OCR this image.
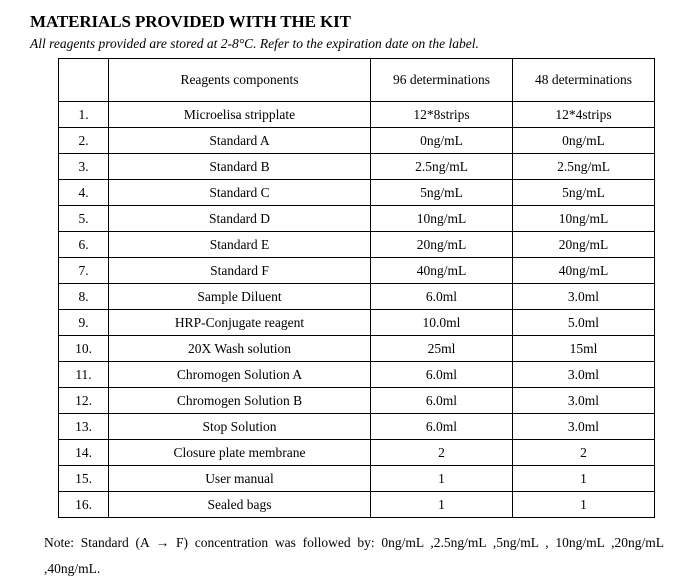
MATERIALS PROVIDED WITH THE KIT
All reagents provided are stored at 2-8°C. Refer to the expiration date on the label.
	Reagents components	96 determinations	48 determinations
1.	Microelisa stripplate	12*8strips	12*4strips
2.	Standard A	0ng/mL	0ng/mL
3.	Standard B	2.5ng/mL	2.5ng/mL
4.	Standard C	5ng/mL	5ng/mL
5.	Standard D	10ng/mL	10ng/mL
6.	Standard E	20ng/mL	20ng/mL
7.	Standard F	40ng/mL	40ng/mL
8.	Sample Diluent	6.0ml	3.0ml
9.	HRP-Conjugate reagent	10.0ml	5.0ml
10.	20X Wash solution	25ml	15ml
11.	Chromogen Solution A	6.0ml	3.0ml
12.	Chromogen Solution B	6.0ml	3.0ml
13.	Stop Solution	6.0ml	3.0ml
14.	Closure plate membrane	2	2
15.	User manual	1	1
16.	Sealed bags	1	1
Note: Standard (A → F) concentration was followed by: 0ng/mL ,2.5ng/mL ,5ng/mL , 10ng/mL ,20ng/mL ,40ng/mL.
